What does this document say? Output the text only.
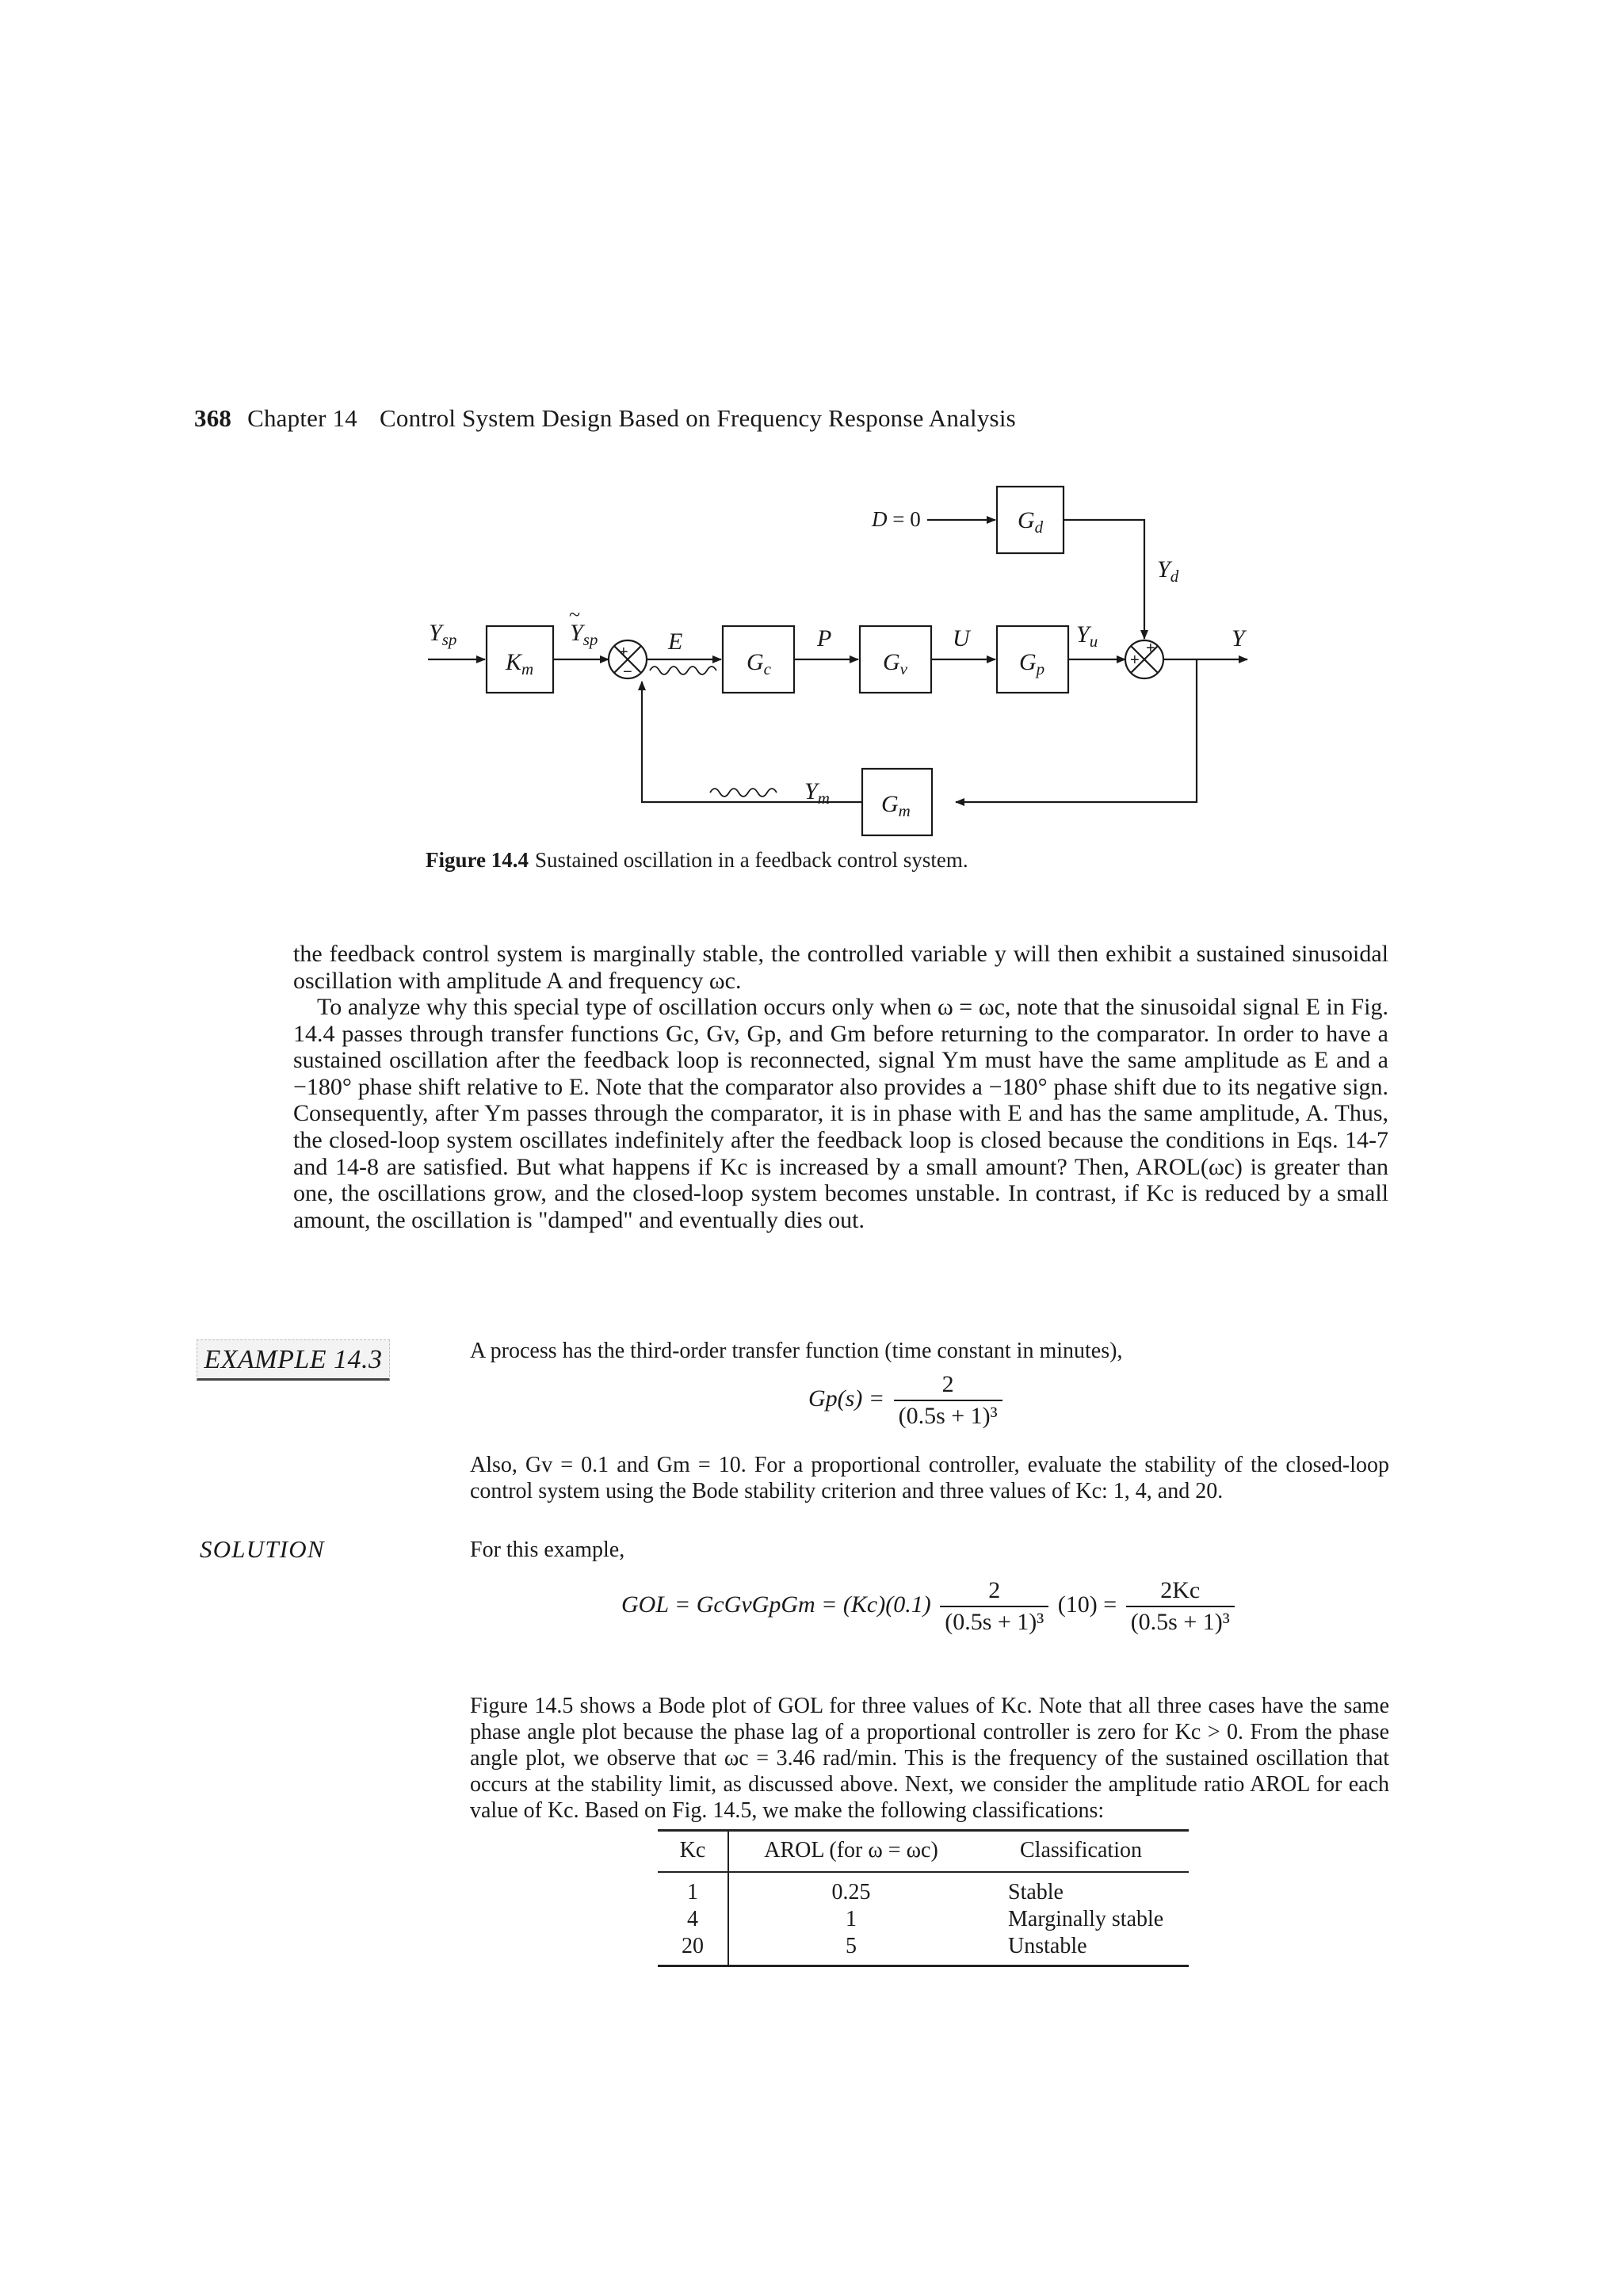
368 Chapter 14 Control System Design Based on Frequency Response Analysis
$Y_{sp}$
$K_m$
$Y_{sp}$
~
E
$G_c$
P
$G_v$
U
$G_p$
$Y_u$	Y
$G_d$
$Y_d$
D = 0
$Y_m$ $G_m$
+
−
+
+
Figure 14.4 Sustained oscillation in a feedback control system.
the feedback control system is marginally stable, the controlled variable y will then exhibit a sustained sinusoidal oscillation with amplitude A and frequency ωc.
To analyze why this special type of oscillation occurs only when ω = ωc, note that the sinusoidal signal E in Fig. 14.4 passes through transfer functions Gc, Gv, Gp, and Gm before returning to the comparator. In order to have a sustained oscillation after the feedback loop is reconnected, signal Ym must have the same amplitude as E and a −180° phase shift relative to E. Note that the comparator also provides a −180° phase shift due to its negative sign. Consequently, after Ym passes through the comparator, it is in phase with E and has the same amplitude, A. Thus, the closed-loop system oscillates indefinitely after the feedback loop is closed because the conditions in Eqs. 14-7 and 14-8 are satisfied. But what happens if Kc is increased by a small amount? Then, AROL(ωc) is greater than one, the oscillations grow, and the closed-loop system becomes unstable. In contrast, if Kc is reduced by a small amount, the oscillation is "damped" and eventually dies out.
EXAMPLE 14.3	A process has the third-order transfer function (time constant in minutes),
$Gp(s) = \frac{2}{\text{(0.5s + 1)³}}$
Also, Gv = 0.1 and Gm = 10. For a proportional controller, evaluate the stability of the closed-loop control system using the Bode stability criterion and three values of Kc: 1, 4, and 20.
SOLUTION	For this example,
GOL = GcGvGpGm = $(Kc)(0.1) \frac{2}{\text{(0.5s + 1)³}} (10) = \frac{2Kc}{\text{(0.5s + 1)³}}$
Figure 14.5 shows a Bode plot of GOL for three values of Kc. Note that all three cases have the same phase angle plot because the phase lag of a proportional controller is zero for Kc > 0. From the phase angle plot, we observe that ωc = 3.46 rad/min. This is the frequency of the sustained oscillation that occurs at the stability limit, as discussed above. Next, we consider the amplitude ratio AROL for each value of Kc. Based on Fig. 14.5, we make the following classifications:
Kc	AROL (for ω = ωc)	Classification
1	0.25	Stable
4	1	Marginally stable
20	5	Unstable
